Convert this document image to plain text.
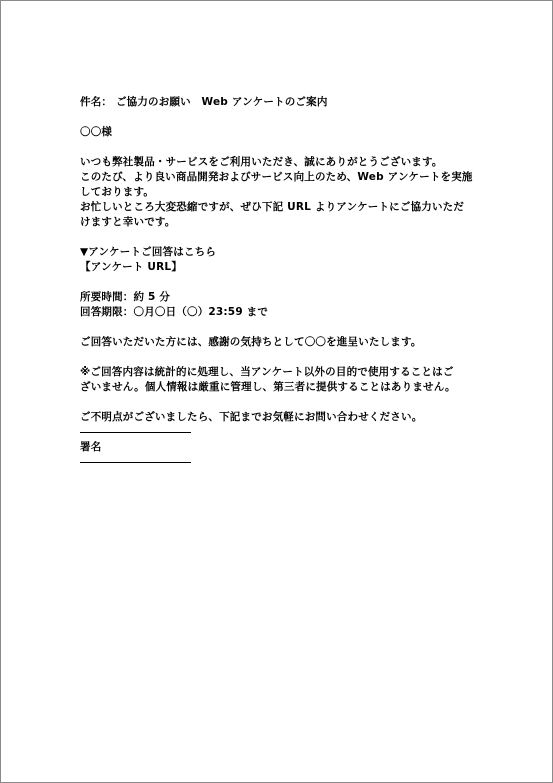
件名： ご協力のお願い　Web アンケートのご案内
〇〇様
いつも弊社製品・サービスをご利用いただき、誠にありがとうございます。
このたび、より良い商品開発およびサービス向上のため、Web アンケートを実施
しております。
お忙しいところ大変恐縮ですが、ぜひ下記 URL よりアンケートにご協力いただ
けますと幸いです。
▼アンケートご回答はこちら
【アンケート URL】
所要時間：約 5 分
回答期限：〇月〇日（〇）23:59 まで
ご回答いただいた方には、感謝の気持ちとして〇〇を進呈いたします。
※ご回答内容は統計的に処理し、当アンケート以外の目的で使用することはご
ざいません。個人情報は厳重に管理し、第三者に提供することはありません。
ご不明点がございましたら、下記までお気軽にお問い合わせください。
署名
